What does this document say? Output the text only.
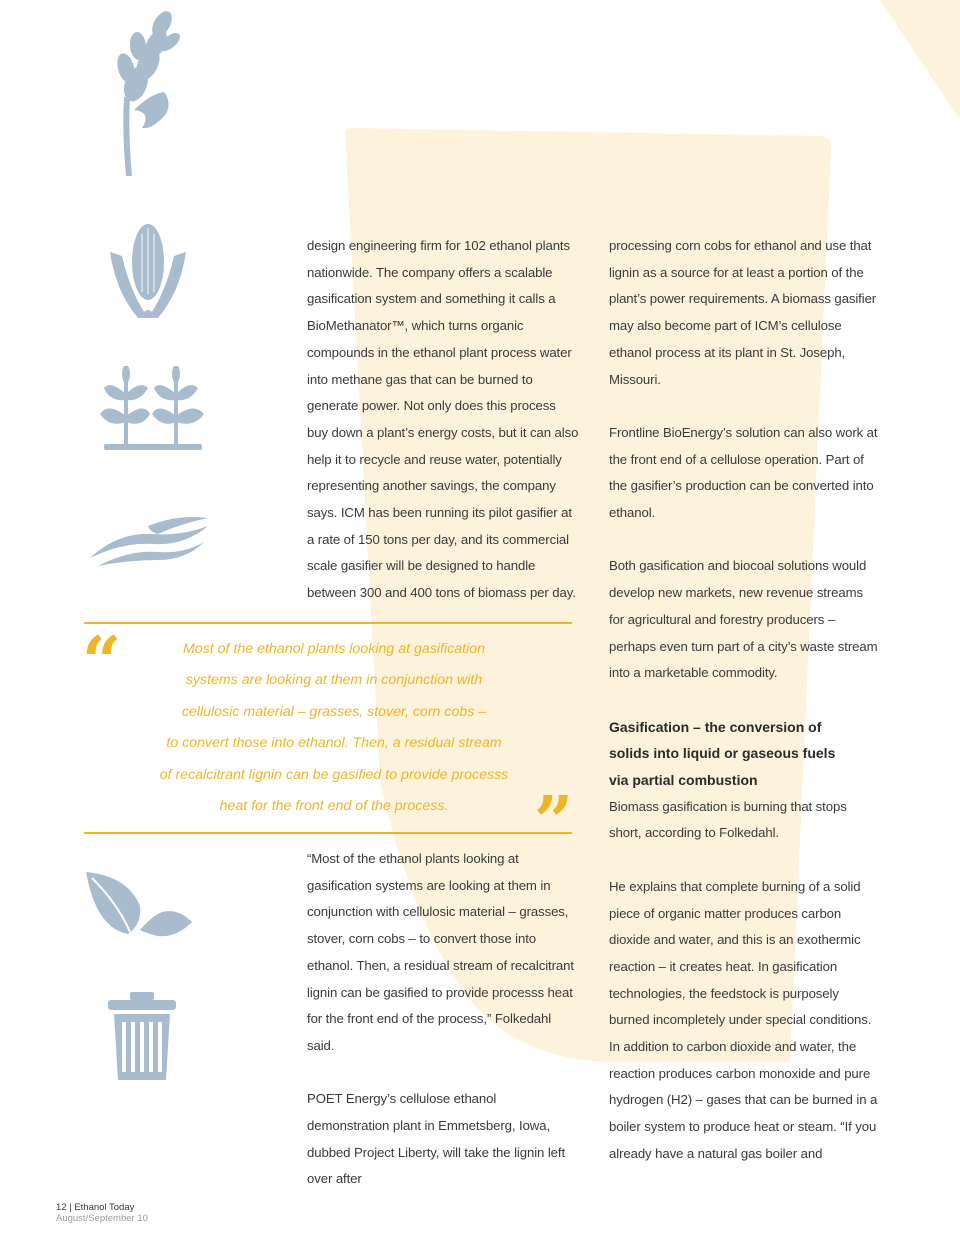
design engineering firm for 102 ethanol plants nationwide. The company offers a scalable gasification system and something it calls a BioMethanator™, which turns organic compounds in the ethanol plant process water into methane gas that can be burned to generate power. Not only does this process buy down a plant’s energy costs, but it can also help it to recycle and reuse water, potentially representing another savings, the company says. ICM has been running its pilot gasifier at a rate of 150 tons per day, and its commercial scale gasifier will be designed to handle between 300 and 400 tons of biomass per day.

“	Most of the ethanol plants looking at gasification
systems are looking at them in conjunction with
cellulosic material – grasses, stover, corn cobs –
to convert those into ethanol. Then, a residual stream
of recalcitrant lignin can be gasified to provide processs
heat for the front end of the process.	”

“Most of the ethanol plants looking at gasification systems are looking at them in conjunction with cellulosic material – grasses, stover, corn cobs – to convert those into ethanol. Then, a residual stream of recalcitrant lignin can be gasified to provide processs heat for the front end of the process,” Folkedahl said.

POET Energy’s cellulose ethanol demonstration plant in Emmetsberg, Iowa, dubbed Project Liberty, will take the lignin left over after

processing corn cobs for ethanol and use that lignin as a source for at least a portion of the plant’s power requirements. A biomass gasifier may also become part of ICM’s cellulose ethanol process at its plant in St. Joseph, Missouri.

Frontline BioEnergy’s solution can also work at the front end of a cellulose operation. Part of the gasifier’s production can be converted into ethanol.

Both gasification and biocoal solutions would develop new markets, new revenue streams for agricultural and forestry producers – perhaps even turn part of a city’s waste stream into a marketable commodity.

Gasification – the conversion of solids into liquid or gaseous fuels via partial combustion
Biomass gasification is burning that stops short, according to Folkedahl.

He explains that complete burning of a solid piece of organic matter produces carbon dioxide and water, and this is an exothermic reaction – it creates heat. In gasification technologies, the feedstock is purposely burned incompletely under special conditions. In addition to carbon dioxide and water, the reaction produces carbon monoxide and pure hydrogen (H2) – gases that can be burned in a boiler system to produce heat or steam. “If you already have a natural gas boiler and

12 | Ethanol Today
August/September 10
